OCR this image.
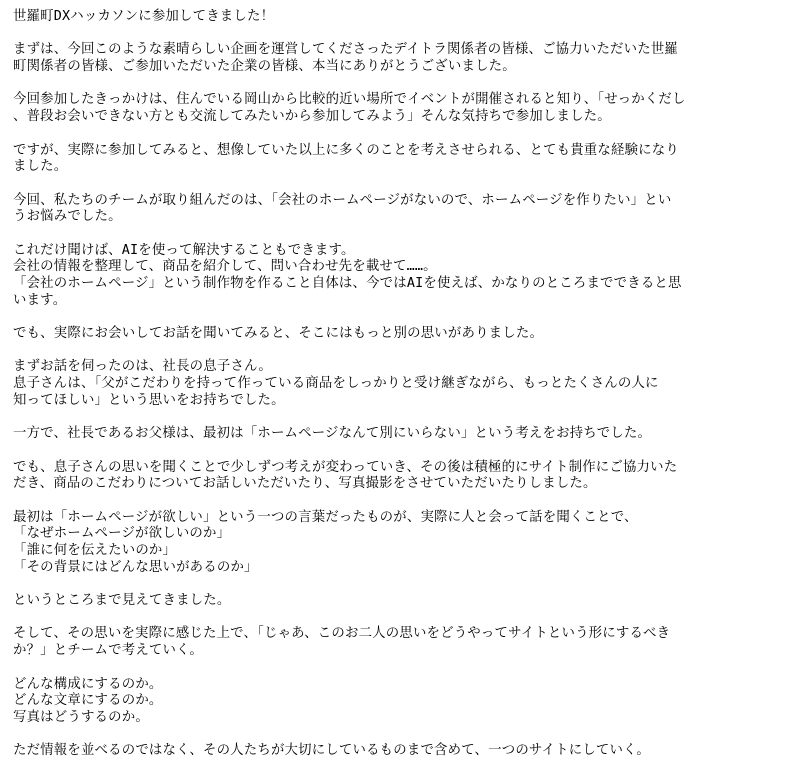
世羅町DXハッカソンに参加してきました！
まずは、今回このような素晴らしい企画を運営してくださったデイトラ関係者の皆様、ご協力いただいた世羅
町関係者の皆様、ご参加いただいた企業の皆様、本当にありがとうございました。
今回参加したきっかけは、住んでいる岡山から比較的近い場所でイベントが開催されると知り、「せっかくだし
、普段お会いできない方とも交流してみたいから参加してみよう」そんな気持ちで参加しました。
ですが、実際に参加してみると、想像していた以上に多くのことを考えさせられる、とても貴重な経験になり
ました。
今回、私たちのチームが取り組んだのは、「会社のホームページがないので、ホームページを作りたい」とい
うお悩みでした。
これだけ聞けば、AIを使って解決することもできます。
会社の情報を整理して、商品を紹介して、問い合わせ先を載せて……。
「会社のホームページ」という制作物を作ること自体は、今ではAIを使えば、かなりのところまでできると思
います。
でも、実際にお会いしてお話を聞いてみると、そこにはもっと別の思いがありました。
まずお話を伺ったのは、社長の息子さん。
息子さんは、「父がこだわりを持って作っている商品をしっかりと受け継ぎながら、もっとたくさんの人に
知ってほしい」という思いをお持ちでした。
一方で、社長であるお父様は、最初は「ホームページなんて別にいらない」という考えをお持ちでした。
でも、息子さんの思いを聞くことで少しずつ考えが変わっていき、その後は積極的にサイト制作にご協力いた
だき、商品のこだわりについてお話しいただいたり、写真撮影をさせていただいたりしました。
最初は「ホームページが欲しい」という一つの言葉だったものが、実際に人と会って話を聞くことで、
「なぜホームページが欲しいのか」
「誰に何を伝えたいのか」
「その背景にはどんな思いがあるのか」
というところまで見えてきました。
そして、その思いを実際に感じた上で、「じゃあ、このお二人の思いをどうやってサイトという形にするべき
か？」とチームで考えていく。
どんな構成にするのか。
どんな文章にするのか。
写真はどうするのか。
ただ情報を並べるのではなく、その人たちが大切にしているものまで含めて、一つのサイトにしていく。
